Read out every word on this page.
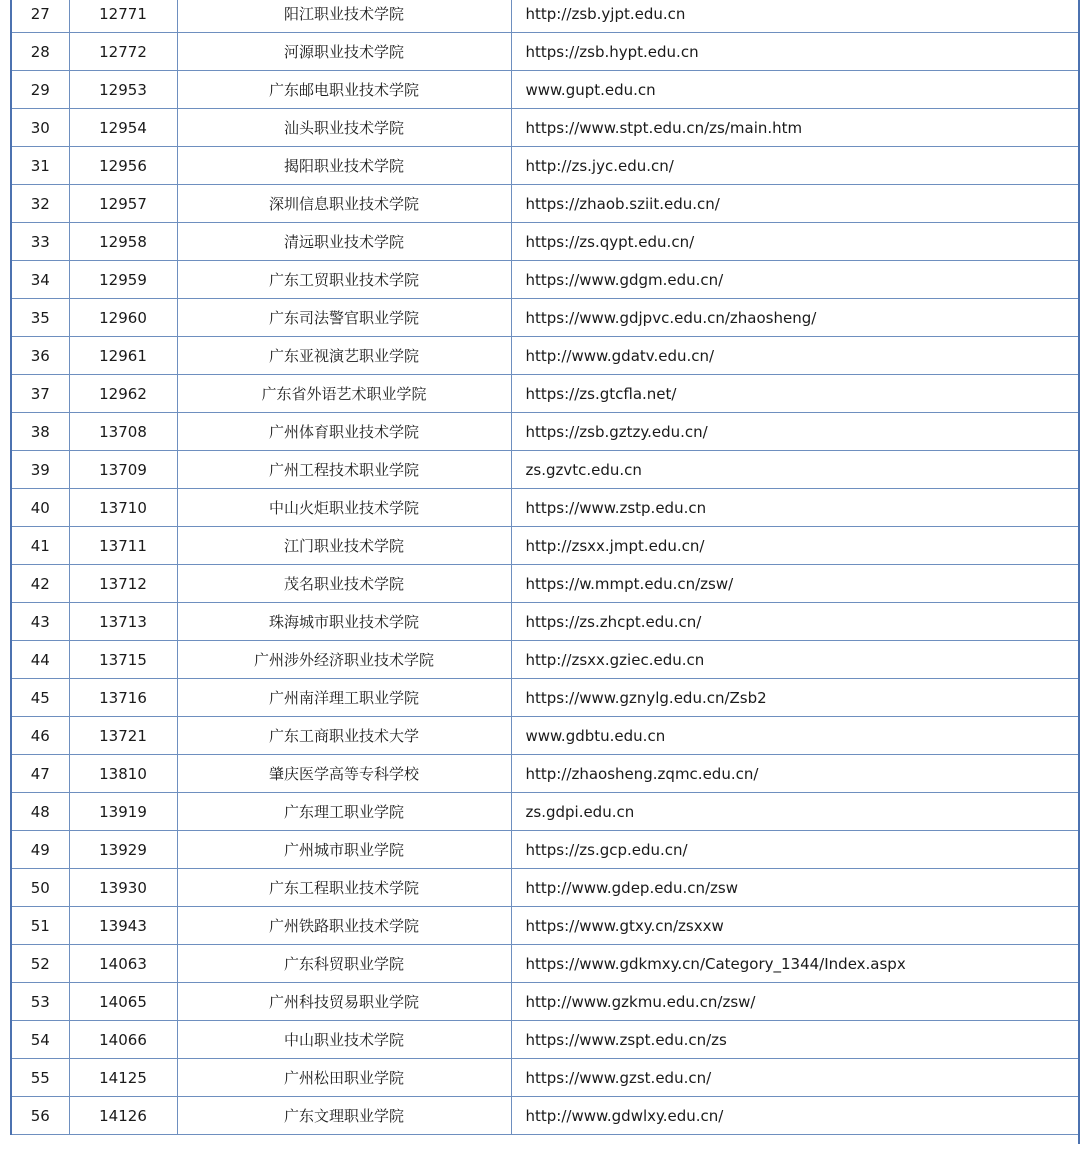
27	12771	阳江职业技术学院	http://zsb.yjpt.edu.cn
28	12772	河源职业技术学院	https://zsb.hypt.edu.cn
29	12953	广东邮电职业技术学院	www.gupt.edu.cn
30	12954	汕头职业技术学院	https://www.stpt.edu.cn/zs/main.htm
31	12956	揭阳职业技术学院	http://zs.jyc.edu.cn/
32	12957	深圳信息职业技术学院	https://zhaob.sziit.edu.cn/
33	12958	清远职业技术学院	https://zs.qypt.edu.cn/
34	12959	广东工贸职业技术学院	https://www.gdgm.edu.cn/
35	12960	广东司法警官职业学院	https://www.gdjpvc.edu.cn/zhaosheng/
36	12961	广东亚视演艺职业学院	http://www.gdatv.edu.cn/
37	12962	广东省外语艺术职业学院	https://zs.gtcfla.net/
38	13708	广州体育职业技术学院	https://zsb.gztzy.edu.cn/
39	13709	广州工程技术职业学院	zs.gzvtc.edu.cn
40	13710	中山火炬职业技术学院	https://www.zstp.edu.cn
41	13711	江门职业技术学院	http://zsxx.jmpt.edu.cn/
42	13712	茂名职业技术学院	https://w.mmpt.edu.cn/zsw/
43	13713	珠海城市职业技术学院	https://zs.zhcpt.edu.cn/
44	13715	广州涉外经济职业技术学院	http://zsxx.gziec.edu.cn
45	13716	广州南洋理工职业学院	https://www.gznylg.edu.cn/Zsb2
46	13721	广东工商职业技术大学	www.gdbtu.edu.cn
47	13810	肇庆医学高等专科学校	http://zhaosheng.zqmc.edu.cn/
48	13919	广东理工职业学院	zs.gdpi.edu.cn
49	13929	广州城市职业学院	https://zs.gcp.edu.cn/
50	13930	广东工程职业技术学院	http://www.gdep.edu.cn/zsw
51	13943	广州铁路职业技术学院	https://www.gtxy.cn/zsxxw
52	14063	广东科贸职业学院	https://www.gdkmxy.cn/Category_1344/Index.aspx
53	14065	广州科技贸易职业学院	http://www.gzkmu.edu.cn/zsw/
54	14066	中山职业技术学院	https://www.zspt.edu.cn/zs
55	14125	广州松田职业学院	https://www.gzst.edu.cn/
56	14126	广东文理职业学院	http://www.gdwlxy.edu.cn/
